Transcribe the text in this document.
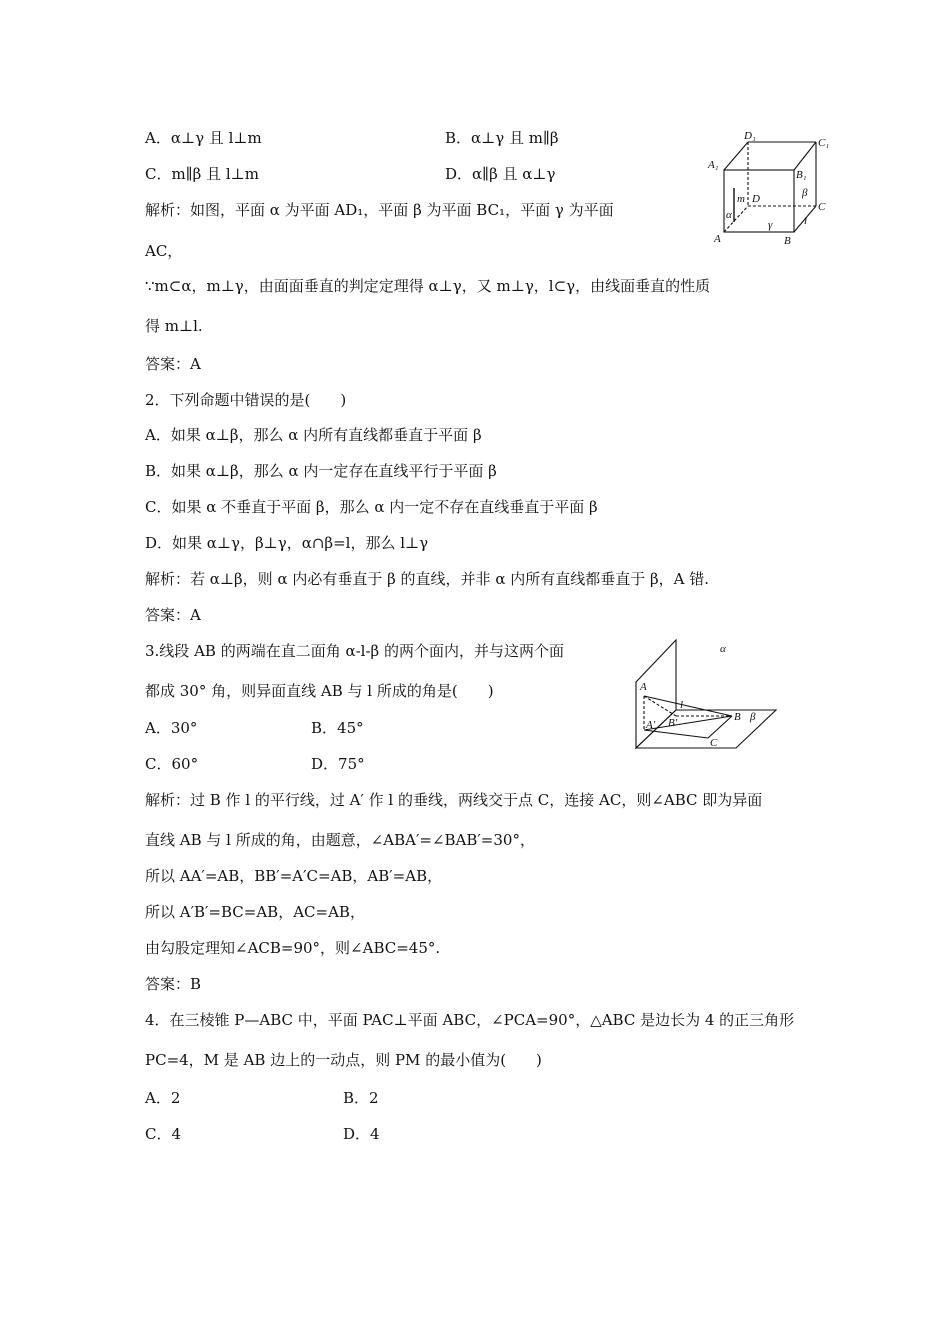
A．α⊥γ 且 l⊥m	B．α⊥γ 且 m∥β
C．m∥β 且 l⊥m	D．α∥β 且 α⊥γ
解析：如图，平面 α 为平面 AD₁，平面 β 为平面 BC₁，平面 γ 为平面
AC，
∵m⊂α，m⊥γ，由面面垂直的判定定理得 α⊥γ，又 m⊥γ，l⊂γ，由线面垂直的性质
得 m⊥l.
答案：A
D₁
C₁
A₁
B₁
D
C
A	B
m
α
β
γ	l
2．下列命题中错误的是(　　)
A．如果 α⊥β，那么 α 内所有直线都垂直于平面 β
B．如果 α⊥β，那么 α 内一定存在直线平行于平面 β
C．如果 α 不垂直于平面 β，那么 α 内一定不存在直线垂直于平面 β
D．如果 α⊥γ，β⊥γ，α∩β=l，那么 l⊥γ
解析：若 α⊥β，则 α 内必有垂直于 β 的直线，并非 α 内所有直线都垂直于 β，A 错.
答案：A
3.线段 AB 的两端在直二面角 α-l-β 的两个面内，并与这两个面
都成 30° 角，则异面直线 AB 与 l 所成的角是(　　)
A．30°	B．45°
C．60°	D．75°
α
A
l
A′ B′	B β
C
解析：过 B 作 l 的平行线，过 A′ 作 l 的垂线，两线交于点 C，连接 AC，则∠ABC 即为异面
直线 AB 与 l 所成的角，由题意，∠ABA′=∠BAB′=30°，
所以 AA′=AB，BB′=A′C=AB，AB′=AB，
所以 A′B′=BC=AB，AC=AB，
由勾股定理知∠ACB=90°，则∠ABC=45°.
答案：B
4．在三棱锥 P—ABC 中，平面 PAC⊥平面 ABC，∠PCA=90°，△ABC 是边长为 4 的正三角形
PC=4，M 是 AB 边上的一动点，则 PM 的最小值为(　　)
A．2	B．2
C．4	D．4
